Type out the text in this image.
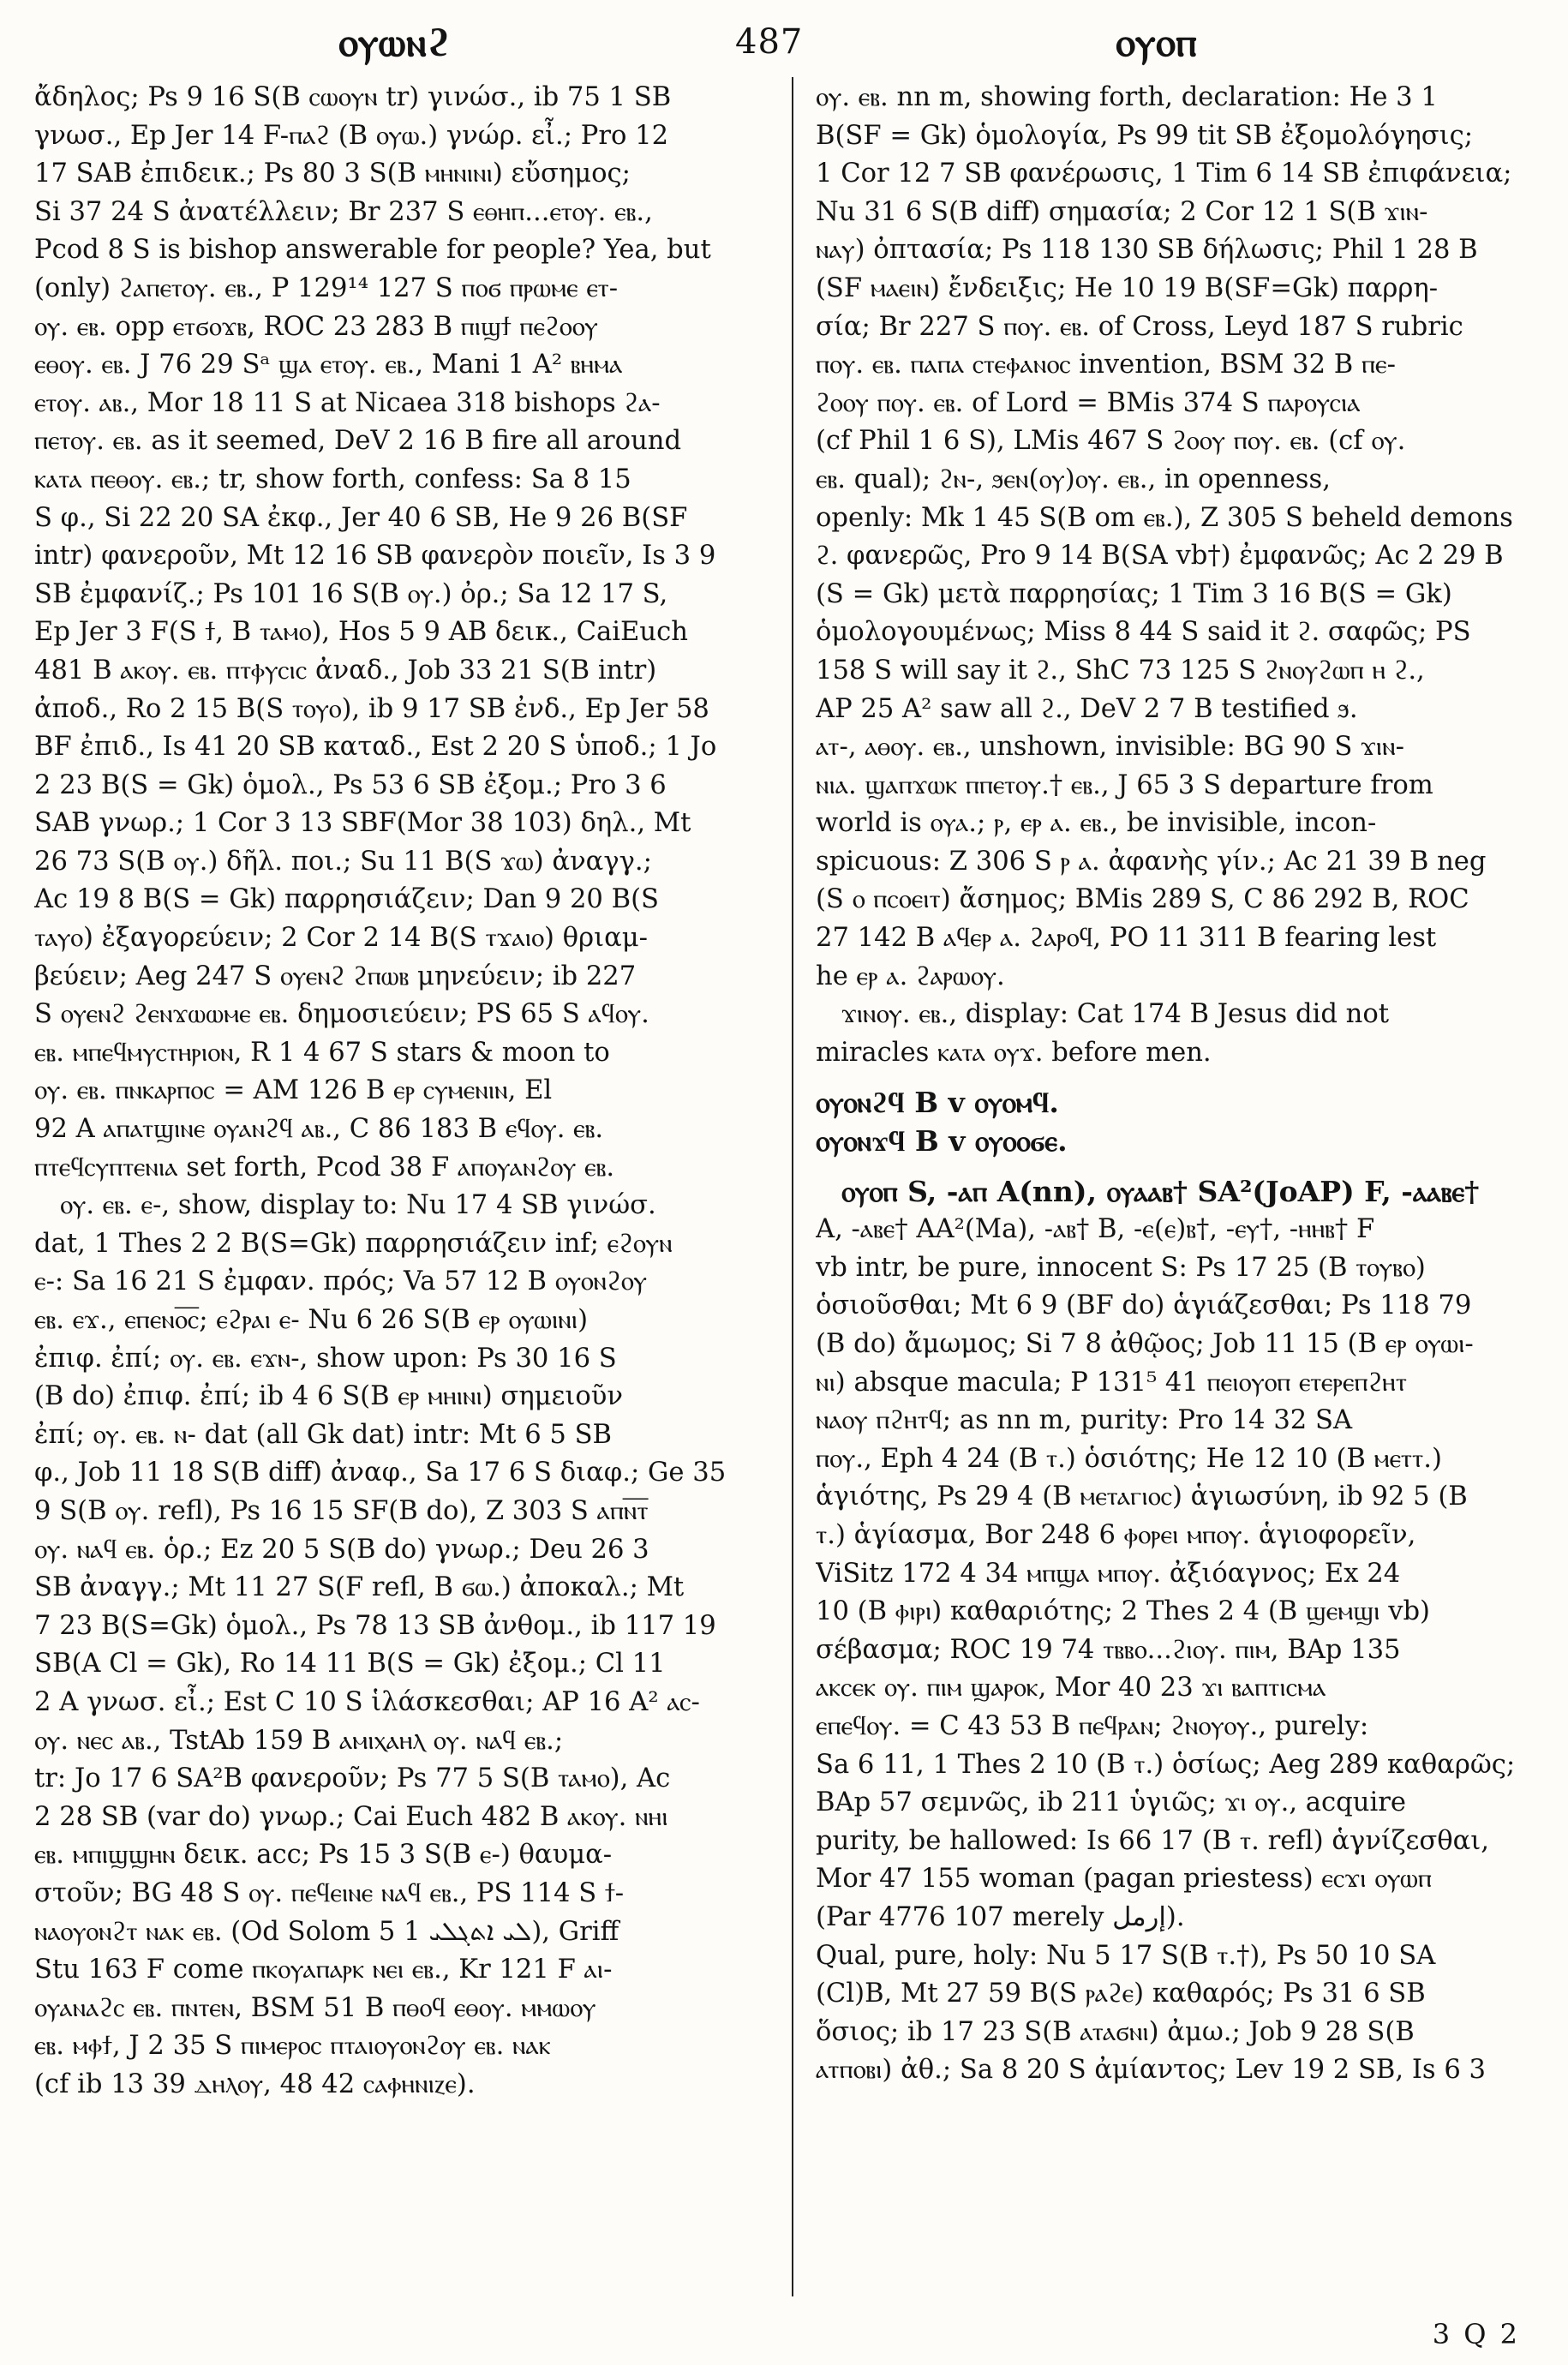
ⲟⲩⲱⲛϩ	487	ⲟⲩⲟⲡ
ἄδηλος; Ps 9 16 S(B ⲥⲱⲟⲩⲛ tr) γινώσ., ib 75 1 SB
γνωσ., Ep Jer 14 F-ⲡⲁϩ (B ⲟⲩⲱ.) γνώρ. εἶ.; Pro 12
17 SAB ἐπιδεικ.; Ps 80 3 S(B ⲙⲏⲛⲓⲛⲓ) εὔσημος;
Si 37 24 S ἀνατέλλειν; Br 237 S ⲉⲑⲏⲡ...ⲉⲧⲟⲩ. ⲉⲃ.,
Pcod 8 S is bishop answerable for people? Yea, but
(only) ϩⲁⲡⲉⲧⲟⲩ. ⲉⲃ., P 129¹⁴ 127 S ⲡⲟϭ ⲡⲣⲱⲙⲉ ⲉⲧ-
ⲟⲩ. ⲉⲃ. opp ⲉⲧϭⲟϫⲃ, ROC 23 283 B ⲡⲓϣϯ ⲡⲉϩⲟⲟⲩ
ⲉⲑⲟⲩ. ⲉⲃ. J 76 29 Sᵃ ϣⲁ ⲉⲧⲟⲩ. ⲉⲃ., Mani 1 A² ⲃⲏⲙⲁ
ⲉⲧⲟⲩ. ⲁⲃ., Mor 18 11 S at Nicaea 318 bishops ϩⲁ-
ⲡⲉⲧⲟⲩ. ⲉⲃ. as it seemed, DeV 2 16 B fire all around
ⲕⲁⲧⲁ ⲡⲉⲑⲟⲩ. ⲉⲃ.; tr, show forth, confess: Sa 8 15
S φ., Si 22 20 SA ἐκφ., Jer 40 6 SB, He 9 26 B(SF
intr) φανεροῦν, Mt 12 16 SB φανερὸν ποιεῖν, Is 3 9
SB ἐμφανίζ.; Ps 101 16 S(B ⲟⲩ.) ὀρ.; Sa 12 17 S,
Ep Jer 3 F(S ϯ, B ⲧⲁⲙⲟ), Hos 5 9 AB δεικ., CaiEuch
481 B ⲁⲕⲟⲩ. ⲉⲃ. ⲡⲧⲫⲩⲥⲓⲥ ἀναδ., Job 33 21 S(B intr)
ἀποδ., Ro 2 15 B(S ⲧⲟⲩⲟ), ib 9 17 SB ἐνδ., Ep Jer 58
BF ἐπιδ., Is 41 20 SB καταδ., Est 2 20 S ὑποδ.; 1 Jo
2 23 B(S = Gk) ὁμολ., Ps 53 6 SB ἐξομ.; Pro 3 6
SAB γνωρ.; 1 Cor 3 13 SBF(Mor 38 103) δηλ., Mt
26 73 S(B ⲟⲩ.) δῆλ. ποι.; Su 11 B(S ϫⲱ) ἀναγγ.;
Ac 19 8 B(S = Gk) παρρησιάζειν; Dan 9 20 B(S
ⲧⲁⲩⲟ) ἐξαγορεύειν; 2 Cor 2 14 B(S ⲧϫⲁⲓⲟ) θριαμ-
βεύειν; Aeg 247 S ⲟⲩⲉⲛϩ ϩⲡⲱⲃ μηνεύειν; ib 227
S ⲟⲩⲉⲛϩ ϩⲉⲛϫⲱⲱⲙⲉ ⲉⲃ. δημοσιεύειν; PS 65 S ⲁϥⲟⲩ.
ⲉⲃ. ⲙⲡⲉϥⲙⲩⲥⲧⲏⲣⲓⲟⲛ, R 1 4 67 S stars & moon to
ⲟⲩ. ⲉⲃ. ⲡⲛⲕⲁⲣⲡⲟⲥ = AM 126 B ⲉⲣ ⲥⲩⲙⲉⲛⲓⲛ, El
92 A ⲁⲡⲁⲧϣⲓⲛⲉ ⲟⲩⲁⲛϩϥ ⲁⲃ., C 86 183 B ⲉϥⲟⲩ. ⲉⲃ.
ⲡⲧⲉϥⲥⲩⲡⲧⲉⲛⲓⲁ set forth, Pcod 38 F ⲁⲡⲟⲩⲁⲛϩⲟⲩ ⲉⲃ.
ⲟⲩ. ⲉⲃ. ⲉ-, show, display to: Nu 17 4 SB γινώσ.
dat, 1 Thes 2 2 B(S=Gk) παρρησιάζειν inf; ⲉϩⲟⲩⲛ
ⲉ-: Sa 16 21 S ἐμφαν. πρός; Va 57 12 B ⲟⲩⲟⲛϩⲟⲩ
ⲉⲃ. ⲉϫ., ⲉⲡⲉⲛⲟ̅ⲥ̅; ⲉϩⲣⲁⲓ ⲉ- Nu 6 26 S(B ⲉⲣ ⲟⲩⲱⲓⲛⲓ)
ἐπιφ. ἐπί; ⲟⲩ. ⲉⲃ. ⲉϫⲛ-, show upon: Ps 30 16 S
(B do) ἐπιφ. ἐπί; ib 4 6 S(B ⲉⲣ ⲙⲏⲓⲛⲓ) σημειοῦν
ἐπί; ⲟⲩ. ⲉⲃ. ⲛ- dat (all Gk dat) intr: Mt 6 5 SB
φ., Job 11 18 S(B diff) ἀναφ., Sa 17 6 S διαφ.; Ge 35
9 S(B ⲟⲩ. refl), Ps 16 15 SF(B do), Z 303 S ⲁⲡⲛ̅ⲧ̅
ⲟⲩ. ⲛⲁϥ ⲉⲃ. ὁρ.; Ez 20 5 S(B do) γνωρ.; Deu 26 3
SB ἀναγγ.; Mt 11 27 S(F refl, B ϭⲱ.) ἀποκαλ.; Mt
7 23 B(S=Gk) ὁμολ., Ps 78 13 SB ἀνθομ., ib 117 19
SB(A Cl = Gk), Ro 14 11 B(S = Gk) ἐξομ.; Cl 11
2 A γνωσ. εἶ.; Est C 10 S ἱλάσκεσθαι; AP 16 A² ⲁⲥ-
ⲟⲩ. ⲛⲉⲥ ⲁⲃ., TstAb 159 B ⲁⲙⲓⲭⲁⲏⲗ ⲟⲩ. ⲛⲁϥ ⲉⲃ.;
tr: Jo 17 6 SA²B φανεροῦν; Ps 77 5 S(B ⲧⲁⲙⲟ), Ac
2 28 SB (var do) γνωρ.; Cai Euch 482 B ⲁⲕⲟⲩ. ⲛⲏⲓ
ⲉⲃ. ⲙⲡⲓϣϣⲏⲛ δεικ. acc; Ps 15 3 S(B ⲉ-) θαυμα-
στοῦν; BG 48 S ⲟⲩ. ⲡⲉϥⲉⲓⲛⲉ ⲛⲁϥ ⲉⲃ., PS 114 S ϯ-
ⲛⲁⲟⲩⲟⲛϩⲧ ⲛⲁⲕ ⲉⲃ. (Od Solom 5 1 ܠܝ ܐܬܓܠܝ), Griff
Stu 163 F come ⲡⲕⲟⲩⲁⲡⲁⲣⲕ ⲛⲉⲓ ⲉⲃ., Kr 121 F ⲁⲓ-
ⲟⲩⲁⲛⲁϩⲥ ⲉⲃ. ⲡⲛⲧⲉⲛ, BSM 51 B ⲡⲑⲟϥ ⲉⲑⲟⲩ. ⲙⲙⲱⲟⲩ
ⲉⲃ. ⲙⲫϯ, J 2 35 S ⲡⲓⲙⲉⲣⲟⲥ ⲡⲧⲁⲓⲟⲩⲟⲛϩⲟⲩ ⲉⲃ. ⲛⲁⲕ
(cf ib 13 39 ⲇⲏⲗⲟⲩ, 48 42 ⲥⲁⲫⲏⲛⲓⲍⲉ).
ⲟⲩ. ⲉⲃ. nn m, showing forth, declaration: He 3 1
B(SF = Gk) ὁμολογία, Ps 99 tit SB ἐξομολόγησις;
1 Cor 12 7 SB φανέρωσις, 1 Tim 6 14 SB ἐπιφάνεια;
Nu 31 6 S(B diff) σημασία; 2 Cor 12 1 S(B ϫⲓⲛ-
ⲛⲁⲩ) ὀπτασία; Ps 118 130 SB δήλωσις; Phil 1 28 B
(SF ⲙⲁⲉⲓⲛ) ἔνδειξις; He 10 19 B(SF=Gk) παρρη-
σία; Br 227 S ⲡⲟⲩ. ⲉⲃ. of Cross, Leyd 187 S rubric
ⲡⲟⲩ. ⲉⲃ. ⲡⲁⲡⲁ ⲥⲧⲉⲫⲁⲛⲟⲥ invention, BSM 32 B ⲡⲉ-
ϩⲟⲟⲩ ⲡⲟⲩ. ⲉⲃ. of Lord = BMis 374 S ⲡⲁⲣⲟⲩⲥⲓⲁ
(cf Phil 1 6 S), LMis 467 S ϩⲟⲟⲩ ⲡⲟⲩ. ⲉⲃ. (cf ⲟⲩ.
ⲉⲃ. qual); ϩⲛ-, ϧⲉⲛ(ⲟⲩ)ⲟⲩ. ⲉⲃ., in openness,
openly: Mk 1 45 S(B om ⲉⲃ.), Z 305 S beheld demons
ϩ. φανερῶς, Pro 9 14 B(SA vb†) ἐμφανῶς; Ac 2 29 B
(S = Gk) μετὰ παρρησίας; 1 Tim 3 16 B(S = Gk)
ὁμολογουμένως; Miss 8 44 S said it ϩ. σαφῶς; PS
158 S will say it ϩ., ShC 73 125 S ϩⲛⲟⲩϩⲱⲡ ⲏ ϩ.,
AP 25 A² saw all ϩ., DeV 2 7 B testified ϧ.
ⲁⲧ-, ⲁⲑⲟⲩ. ⲉⲃ., unshown, invisible: BG 90 S ϫⲓⲛ-
ⲛⲓⲁ. ϣⲁⲡϫⲱⲕ ⲡⲡⲉⲧⲟⲩ.† ⲉⲃ., J 65 3 S departure from
world is ⲟⲩⲁ.; ⲣ, ⲉⲣ ⲁ. ⲉⲃ., be invisible, incon-
spicuous: Z 306 S ⲣ ⲁ. ἀφανὴς γίν.; Ac 21 39 B neg
(S ⲟ ⲡⲥⲟⲉⲓⲧ) ἄσημος; BMis 289 S, C 86 292 B, ROC
27 142 B ⲁϥⲉⲣ ⲁ. ϩⲁⲣⲟϥ, PO 11 311 B fearing lest
he ⲉⲣ ⲁ. ϩⲁⲣⲱⲟⲩ.
ϫⲓⲛⲟⲩ. ⲉⲃ., display: Cat 174 B Jesus did not
miracles ⲕⲁⲧⲁ ⲟⲩϫ. before men.
ⲟⲩⲟⲛϩϥ B v ⲟⲩⲟⲙϥ.
ⲟⲩⲟⲛϫϥ B v ⲟⲩⲟⲟϭⲉ.
ⲟⲩⲟⲡ S, -ⲁⲡ A(nn), ⲟⲩⲁⲁⲃ† SA²(JoAP) F, -ⲁⲁⲃⲉ†
A, -ⲁⲃⲉ† AA²(Ma), -ⲁⲃ† B, -ⲉ(ⲉ)ⲃ†, -ⲉⲩ†, -ⲏⲏⲃ† F
vb intr, be pure, innocent S: Ps 17 25 (B ⲧⲟⲩⲃⲟ)
ὁσιοῦσθαι; Mt 6 9 (BF do) ἁγιάζεσθαι; Ps 118 79
(B do) ἄμωμος; Si 7 8 ἀθῷος; Job 11 15 (B ⲉⲣ ⲟⲩⲱⲓ-
ⲛⲓ) absque macula; P 131⁵ 41 ⲡⲉⲓⲟⲩⲟⲡ ⲉⲧⲉⲣⲉⲡϩⲏⲧ
ⲛⲁⲟⲩ ⲡϩⲏⲧϥ; as nn m, purity: Pro 14 32 SA
ⲡⲟⲩ., Eph 4 24 (B ⲧ.) ὁσιότης; He 12 10 (B ⲙⲉⲧⲧ.)
ἁγιότης, Ps 29 4 (B ⲙⲉⲧⲁⲅⲓⲟⲥ) ἁγιωσύνη, ib 92 5 (B
ⲧ.) ἁγίασμα, Bor 248 6 ⲫⲟⲣⲉⲓ ⲙⲡⲟⲩ. ἁγιοφορεῖν,
ViSitz 172 4 34 ⲙⲡϣⲁ ⲙⲡⲟⲩ. ἀξιόαγνος; Ex 24
10 (B ⲫⲓⲣⲓ) καθαριότης; 2 Thes 2 4 (B ϣⲉⲙϣⲓ vb)
σέβασμα; ROC 19 74 ⲧⲃⲃⲟ...ϩⲓⲟⲩ. ⲡⲓⲙ, BAp 135
ⲁⲕⲥⲉⲕ ⲟⲩ. ⲡⲓⲙ ϣⲁⲣⲟⲕ, Mor 40 23 ϫⲓ ⲃⲁⲡⲧⲓⲥⲙⲁ
ⲉⲡⲉϥⲟⲩ. = C 43 53 B ⲡⲉϥⲣⲁⲛ; ϩⲛⲟⲩⲟⲩ., purely:
Sa 6 11, 1 Thes 2 10 (B ⲧ.) ὁσίως; Aeg 289 καθαρῶς;
BAp 57 σεμνῶς, ib 211 ὑγιῶς; ϫⲓ ⲟⲩ., acquire
purity, be hallowed: Is 66 17 (B ⲧ. refl) ἁγνίζεσθαι,
Mor 47 155 woman (pagan priestess) ⲉⲥϫⲓ ⲟⲩⲱⲡ
(Par 4776 107 merely إرمل).
Qual, pure, holy: Nu 5 17 S(B ⲧ.†), Ps 50 10 SA
(Cl)B, Mt 27 59 B(S ⲣⲁϩⲉ) καθαρός; Ps 31 6 SB
ὅσιος; ib 17 23 S(B ⲁⲧⲁϭⲛⲓ) ἀμω.; Job 9 28 S(B
ⲁⲧⲡⲟⲃⲓ) ἀθ.; Sa 8 20 S ἀμίαντος; Lev 19 2 SB, Is 6 3
3 Q 2
